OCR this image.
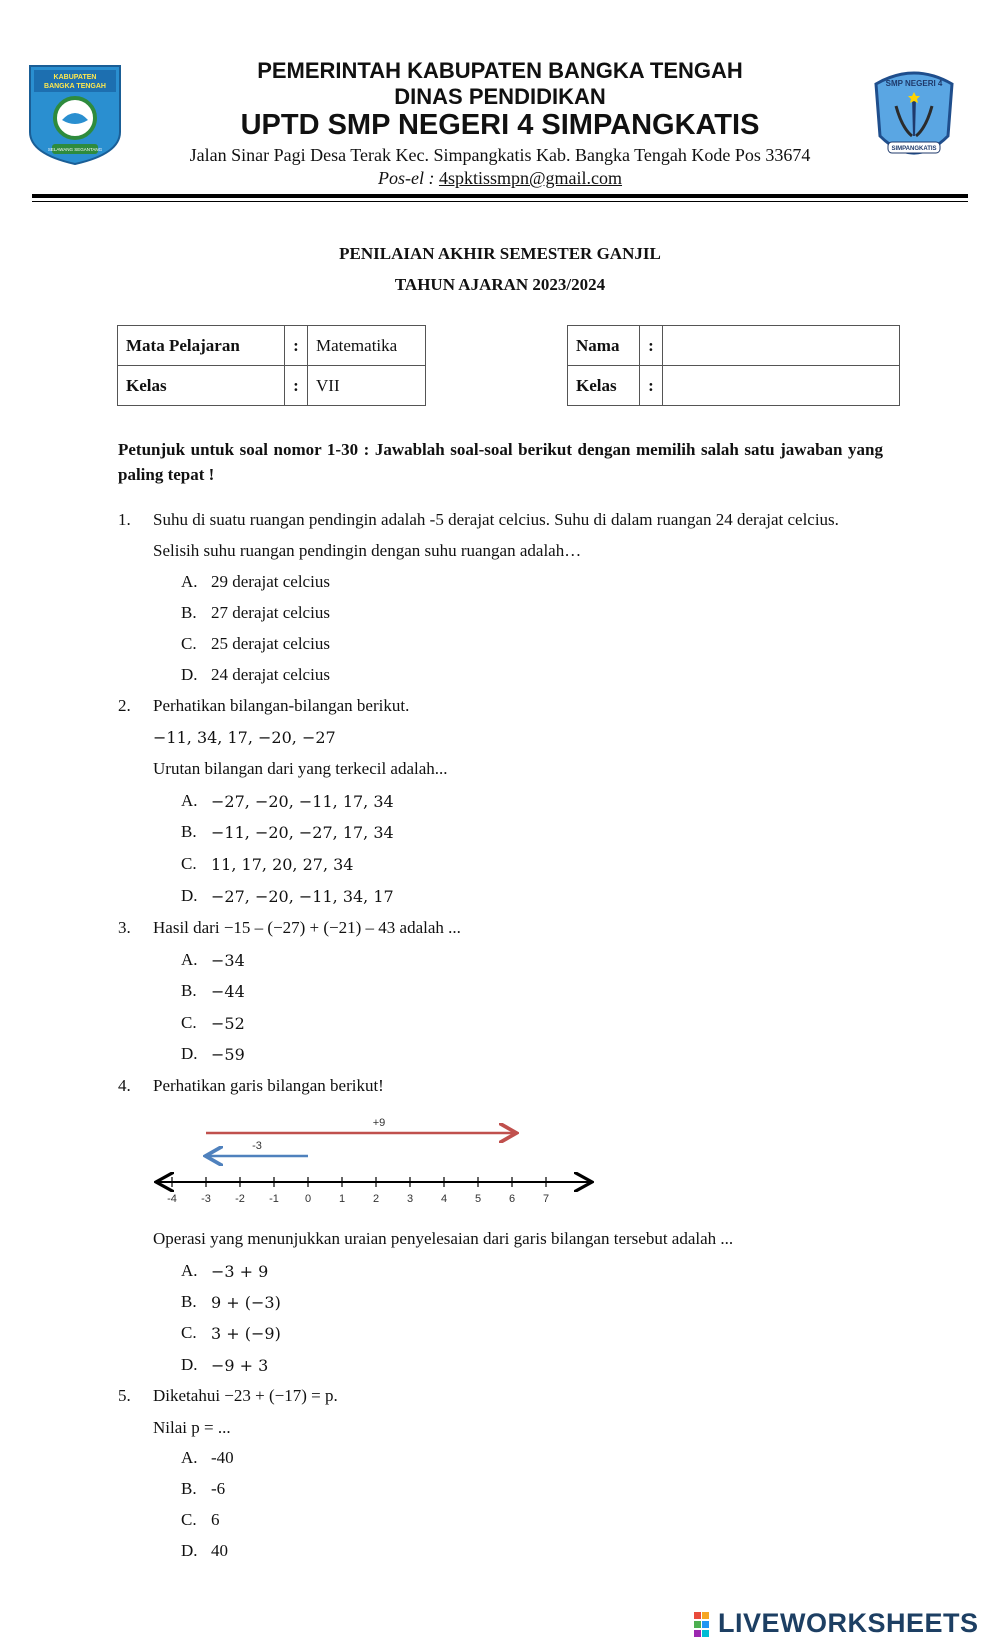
KABUPATEN
BANGKA TENGAH
SELAWANG SEGANTANG
SMP NEGERI 4
SIMPANGKATIS
PEMERINTAH KABUPATEN BANGKA TENGAH
DINAS PENDIDIKAN
UPTD SMP NEGERI 4 SIMPANGKATIS
Jalan Sinar Pagi Desa Terak Kec. Simpangkatis Kab. Bangka Tengah Kode Pos 33674
Pos-el : 4spktissmpn@gmail.com
PENILAIAN AKHIR SEMESTER GANJIL
TAHUN AJARAN 2023/2024
Mata Pelajaran	:	Matematika
Kelas	:	VII
Nama	:	
Kelas	:	
Petunjuk untuk soal nomor 1-30 : Jawablah soal-soal berikut dengan memilih salah satu jawaban yang paling tepat !
1. Suhu di suatu ruangan pendingin adalah -5 derajat celcius. Suhu di dalam ruangan 24 derajat celcius.
Selisih suhu ruangan pendingin dengan suhu ruangan adalah…
A. 29 derajat celcius
B. 27 derajat celcius
C. 25 derajat celcius
D. 24 derajat celcius
2. Perhatikan bilangan-bilangan berikut.
−11, 34, 17, −20, −27
Urutan bilangan dari yang terkecil adalah...
A. −27, −20, −11, 17, 34
B. −11, −20, −27, 17, 34
C. 11, 17, 20, 27, 34
D. −27, −20, −11, 34, 17
3. Hasil dari −15 – (−27) + (−21) – 43 adalah ...
A. −34
B. −44
C. −52
D. −59
4. Perhatikan garis bilangan berikut!
-4 -3 -2 -1 0	1	2	3	4	5	6	7
+9
-3
Operasi yang menunjukkan uraian penyelesaian dari garis bilangan tersebut adalah ...
A. −3 + 9
B. 9 + (−3)
C. 3 + (−9)
D. −9 + 3
5. Diketahui −23 + (−17) = p.
Nilai p = ...
A. -40
B. -6
C. 6
D. 40
LIVEWORKSHEETS
